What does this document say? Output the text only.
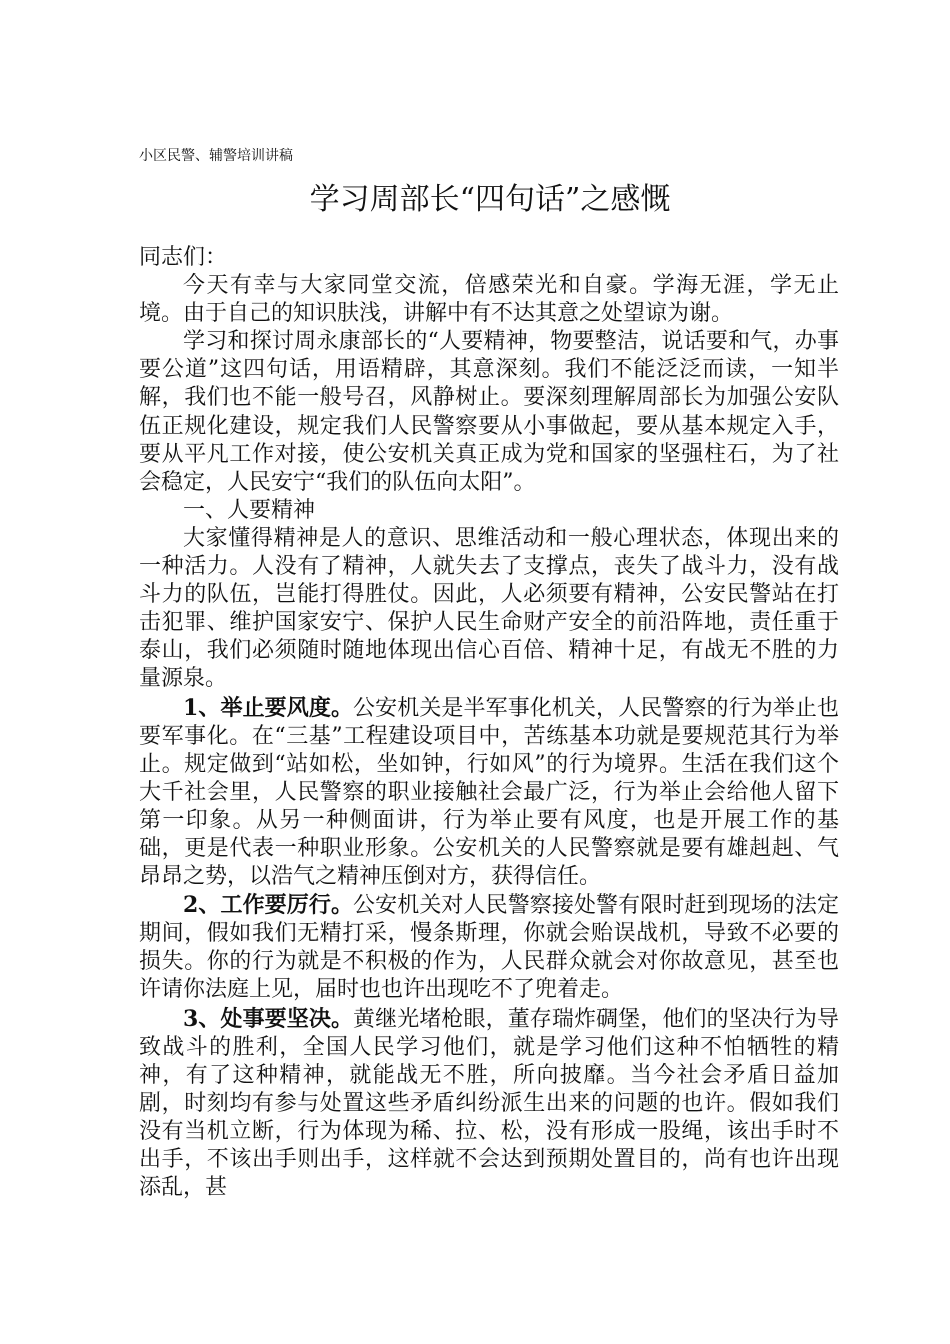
小区民警、辅警培训讲稿
学习周部长“四句话”之感慨

同志们：

今天有幸与大家同堂交流，倍感荣光和自豪。学海无涯，学无止境。由于自己的知识肤浅，讲解中有不达其意之处望谅为谢。

学习和探讨周永康部长的“人要精神，物要整洁，说话要和气，办事要公道”这四句话，用语精辟，其意深刻。我们不能泛泛而读，一知半解，我们也不能一般号召，风静树止。要深刻理解周部长为加强公安队伍正规化建设，规定我们人民警察要从小事做起，要从基本规定入手，要从平凡工作对接，使公安机关真正成为党和国家的坚强柱石，为了社会稳定，人民安宁“我们的队伍向太阳”。

一、人要精神

大家懂得精神是人的意识、思维活动和一般心理状态，体现出来的一种活力。人没有了精神，人就失去了支撑点，丧失了战斗力，没有战斗力的队伍，岂能打得胜仗。因此，人必须要有精神，公安民警站在打击犯罪、维护国家安宁、保护人民生命财产安全的前沿阵地，责任重于泰山，我们必须随时随地体现出信心百倍、精神十足，有战无不胜的力量源泉。

1、举止要风度。公安机关是半军事化机关，人民警察的行为举止也要军事化。在“三基”工程建设项目中，苦练基本功就是要规范其行为举止。规定做到“站如松，坐如钟，行如风”的行为境界。生活在我们这个大千社会里，人民警察的职业接触社会最广泛，行为举止会给他人留下第一印象。从另一种侧面讲，行为举止要有风度，也是开展工作的基础，更是代表一种职业形象。公安机关的人民警察就是要有雄赳赳、气昂昂之势，以浩气之精神压倒对方，获得信任。

2、工作要厉行。公安机关对人民警察接处警有限时赶到现场的法定期间，假如我们无精打采，慢条斯理，你就会贻误战机，导致不必要的损失。你的行为就是不积极的作为，人民群众就会对你故意见，甚至也许请你法庭上见，届时也也许出现吃不了兜着走。

3、处事要坚决。黄继光堵枪眼，董存瑞炸碉堡，他们的坚决行为导致战斗的胜利，全国人民学习他们，就是学习他们这种不怕牺牲的精神，有了这种精神，就能战无不胜，所向披靡。当今社会矛盾日益加剧，时刻均有参与处置这些矛盾纠纷派生出来的问题的也许。假如我们没有当机立断，行为体现为稀、拉、松，没有形成一股绳，该出手时不出手，不该出手则出手，这样就不会达到预期处置目的，尚有也许出现添乱，甚
